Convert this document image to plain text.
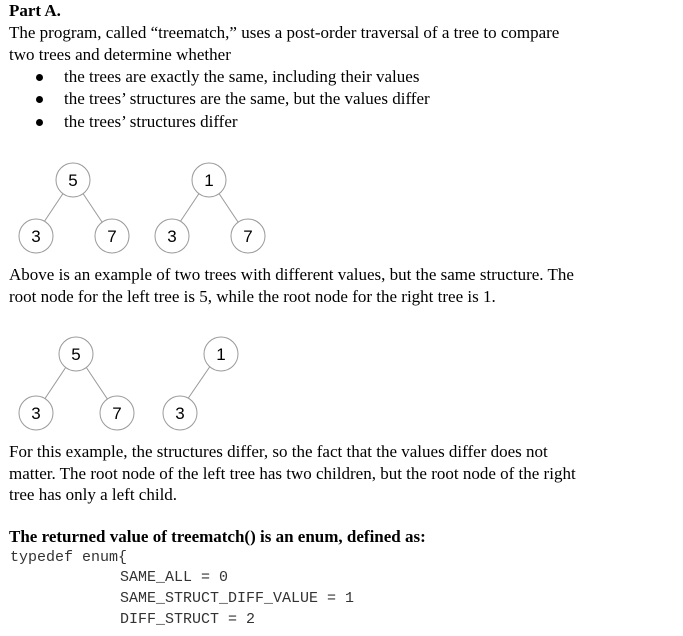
Part A.
The program, called “treematch,” uses a post-order traversal of a tree to compare
two trees and determine whether
the trees are exactly the same, including their values
the trees’ structures are the same, but the values differ
the trees’ structures differ
5
3	7
1
3	7
Above is an example of two trees with different values, but the same structure. The
root node for the left tree is 5, while the root node for the right tree is 1.
5
3	7
1
3
For this example, the structures differ, so the fact that the values differ does not
matter. The root node of the left tree has two children, but the root node of the right
tree has only a left child.
The returned value of treematch() is an enum, defined as:
typedef enum{
SAME_ALL = 0
SAME_STRUCT_DIFF_VALUE = 1
DIFF_STRUCT = 2
